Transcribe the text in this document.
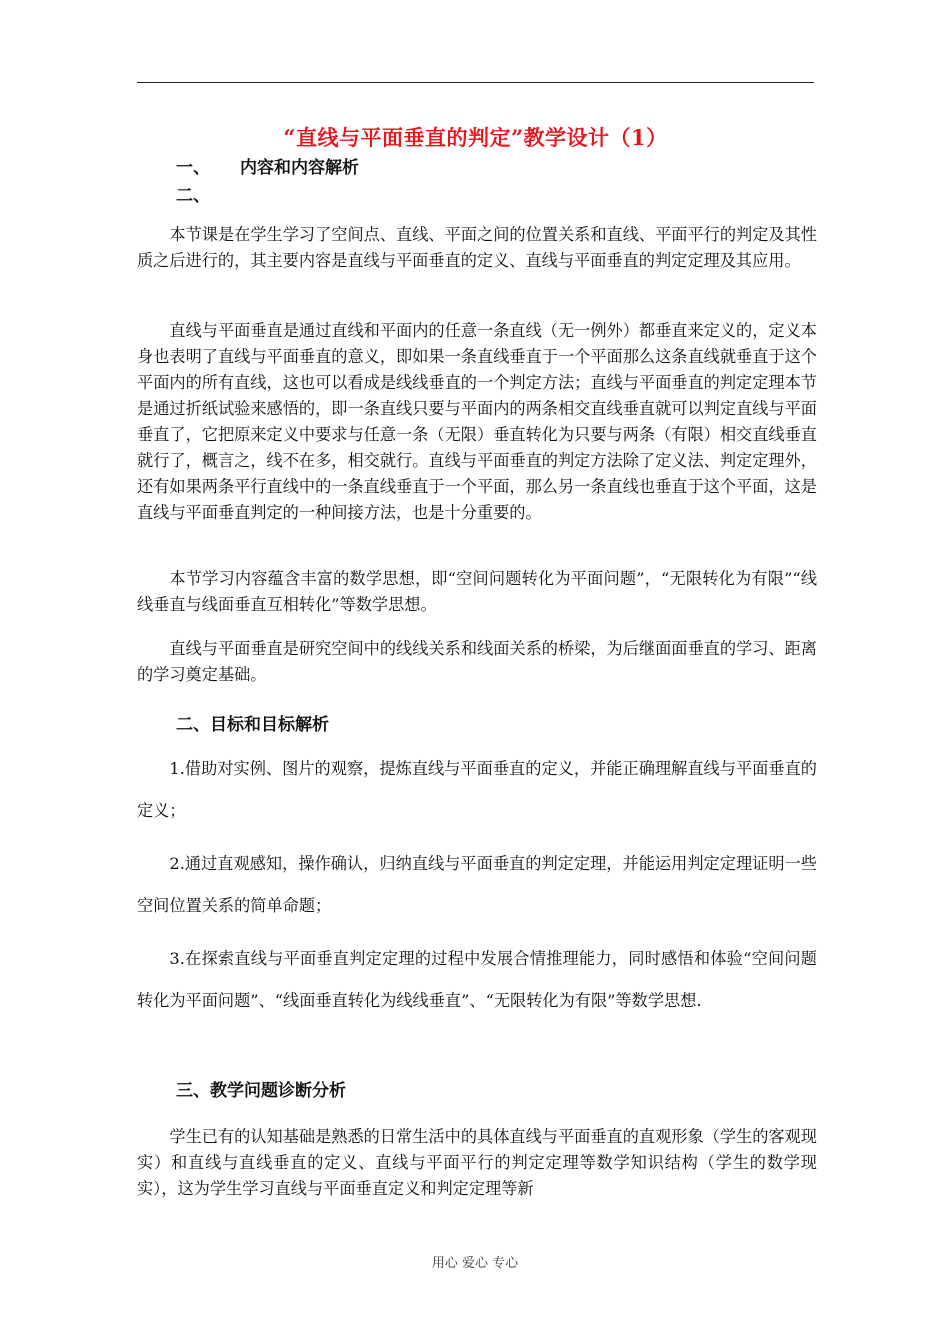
“直线与平面垂直的判定”教学设计（1）
一、 内容和内容解析
二、
本节课是在学生学习了空间点、直线、平面之间的位置关系和直线、平面平行的判定及其性质之后进行的，其主要内容是直线与平面垂直的定义、直线与平面垂直的判定定理及其应用。
直线与平面垂直是通过直线和平面内的任意一条直线（无一例外）都垂直来定义的，定义本身也表明了直线与平面垂直的意义，即如果一条直线垂直于一个平面那么这条直线就垂直于这个平面内的所有直线，这也可以看成是线线垂直的一个判定方法；直线与平面垂直的判定定理本节是通过折纸试验来感悟的，即一条直线只要与平面内的两条相交直线垂直就可以判定直线与平面垂直了，它把原来定义中要求与任意一条（无限）垂直转化为只要与两条（有限）相交直线垂直就行了，概言之，线不在多，相交就行。直线与平面垂直的判定方法除了定义法、判定定理外，还有如果两条平行直线中的一条直线垂直于一个平面，那么另一条直线也垂直于这个平面，这是直线与平面垂直判定的一种间接方法，也是十分重要的。
本节学习内容蕴含丰富的数学思想，即“空间问题转化为平面问题”，“无限转化为有限”“线线垂直与线面垂直互相转化”等数学思想。
直线与平面垂直是研究空间中的线线关系和线面关系的桥梁，为后继面面垂直的学习、距离的学习奠定基础。
二、目标和目标解析
1.借助对实例、图片的观察，提炼直线与平面垂直的定义，并能正确理解直线与平面垂直的定义；
2.通过直观感知，操作确认，归纳直线与平面垂直的判定定理，并能运用判定定理证明一些空间位置关系的简单命题；
3.在探索直线与平面垂直判定定理的过程中发展合情推理能力，同时感悟和体验“空间问题转化为平面问题”、“线面垂直转化为线线垂直”、“无限转化为有限”等数学思想.
三、教学问题诊断分析
学生已有的认知基础是熟悉的日常生活中的具体直线与平面垂直的直观形象（学生的客观现实）和直线与直线垂直的定义、直线与平面平行的判定定理等数学知识结构（学生的数学现实），这为学生学习直线与平面垂直定义和判定定理等新
用心 爱心 专心
